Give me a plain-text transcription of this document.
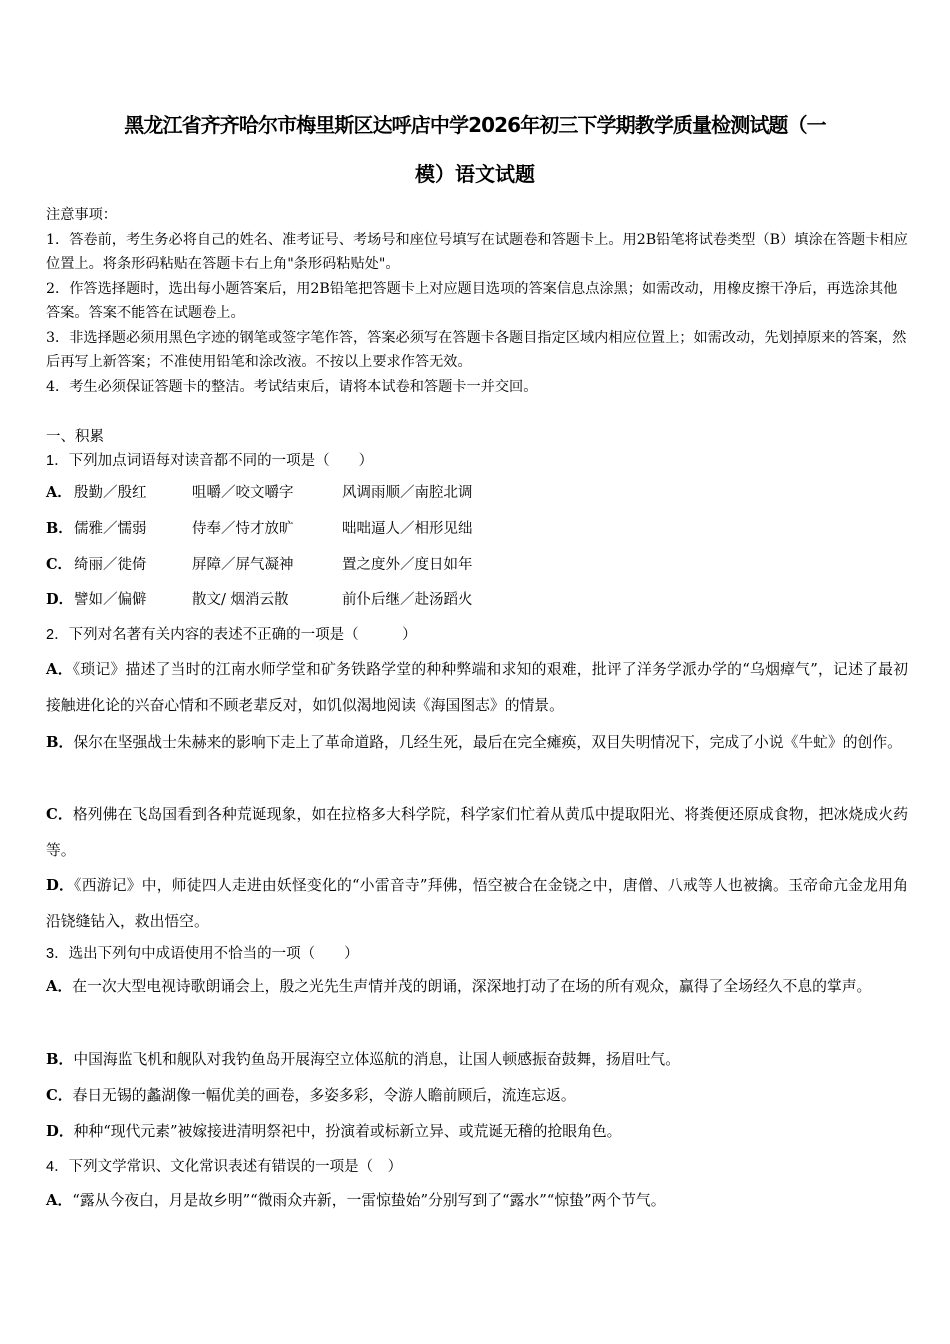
黑龙江省齐齐哈尔市梅里斯区达呼店中学2026年初三下学期教学质量检测试题（一
模）语文试题
注意事项：
1．答卷前，考生务必将自己的姓名、准考证号、考场号和座位号填写在试题卷和答题卡上。用2B铅笔将试卷类型（B）填涂在答题卡相应位置上。将条形码粘贴在答题卡右上角"条形码粘贴处"。
2．作答选择题时，选出每小题答案后，用2B铅笔把答题卡上对应题目选项的答案信息点涂黑；如需改动，用橡皮擦干净后，再选涂其他答案。答案不能答在试题卷上。
3．非选择题必须用黑色字迹的钢笔或签字笔作答，答案必须写在答题卡各题目指定区域内相应位置上；如需改动，先划掉原来的答案，然后再写上新答案；不准使用铅笔和涂改液。不按以上要求作答无效。
4．考生必须保证答题卡的整洁。考试结束后，请将本试卷和答题卡一并交回。
一、积累
1．下列加点词语每对读音都不同的一项是（　　）
A． 殷勤／殷红	咀嚼／咬文嚼字	风调雨顺／南腔北调
B． 儒雅／懦弱	侍奉／恃才放旷	咄咄逼人／相形见绌
C． 绮丽／徙倚	屏障／屏气凝神	置之度外／度日如年
D． 譬如／偏僻	散文/ 烟消云散	前仆后继／赴汤蹈火
2．下列对名著有关内容的表述不正确的一项是（　　　）
A．《琐记》描述了当时的江南水师学堂和矿务铁路学堂的种种弊端和求知的艰难，批评了洋务学派办学的“乌烟瘴气”，记述了最初接触进化论的兴奋心情和不顾老辈反对，如饥似渴地阅读《海国图志》的情景。
B．保尔在坚强战士朱赫来的影响下走上了革命道路，几经生死，最后在完全瘫痪，双目失明情况下，完成了小说《牛虻》的创作。
C．格列佛在飞岛国看到各种荒诞现象，如在拉格多大科学院，科学家们忙着从黄瓜中提取阳光、将粪便还原成食物，把冰烧成火药等。
D．《西游记》中，师徒四人走进由妖怪变化的“小雷音寺”拜佛，悟空被合在金铙之中，唐僧、八戒等人也被擒。玉帝命亢金龙用角沿铙缝钻入，救出悟空。
3．选出下列句中成语使用不恰当的一项（　　）
A．在一次大型电视诗歌朗诵会上，殷之光先生声情并茂的朗诵，深深地打动了在场的所有观众，赢得了全场经久不息的掌声。
B．中国海监飞机和舰队对我钓鱼岛开展海空立体巡航的消息，让国人顿感振奋鼓舞，扬眉吐气。
C．春日无锡的蠡湖像一幅优美的画卷，多姿多彩，令游人瞻前顾后，流连忘返。
D．种种“现代元素”被嫁接进清明祭祀中，扮演着或标新立异、或荒诞无稽的抢眼角色。
4．下列文学常识、文化常识表述有错误的一项是（　）
A．“露从今夜白，月是故乡明”“微雨众卉新，一雷惊蛰始”分别写到了“露水”“惊蛰”两个节气。
